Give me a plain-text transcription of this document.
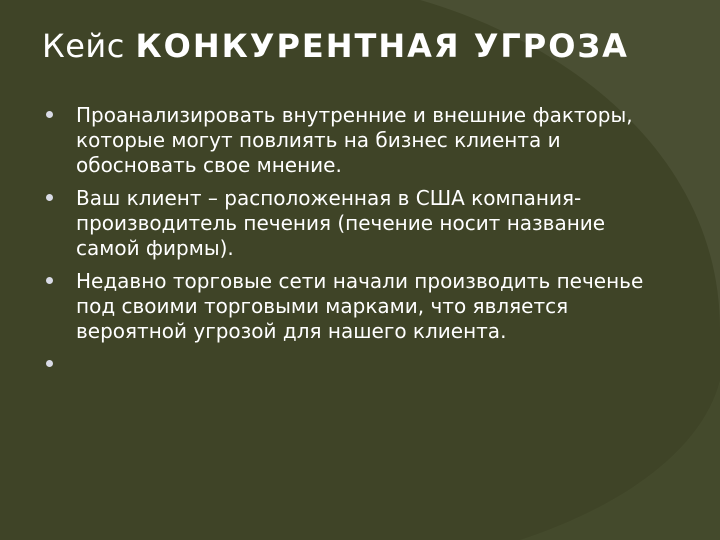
Кейс КОНКУРЕНТНАЯ УГРОЗА
Проанализировать внутренние и внешние факторы, которые могут повлиять на бизнес клиента и обосновать свое мнение.
Ваш клиент – расположенная в США компания-производитель печения (печение носит название самой фирмы).
Недавно торговые сети начали производить печенье под своими торговыми марками, что является вероятной угрозой для нашего клиента.
